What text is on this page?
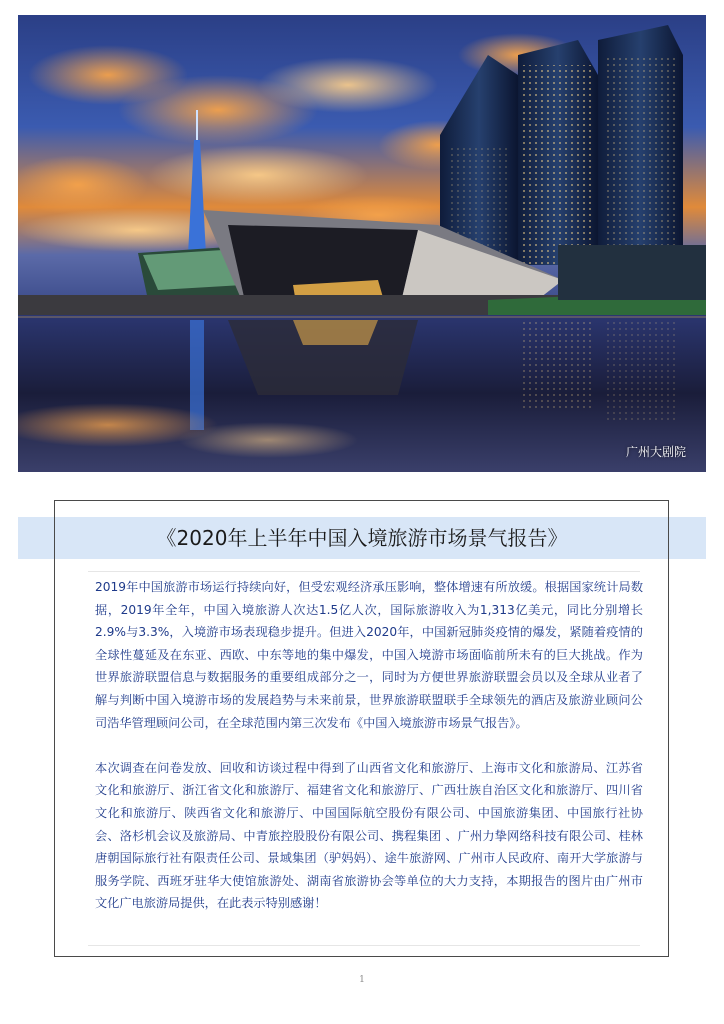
广州大剧院
《2020年上半年中国入境旅游市场景气报告》

2019年中国旅游市场运行持续向好，但受宏观经济承压影响，整体增速有所放缓。根据国家统计局数据，2019年全年，中国入境旅游人次达1.5亿人次，国际旅游收入为1,313亿美元，同比分别增长2.9%与3.3%，入境游市场表现稳步提升。但进入2020年，中国新冠肺炎疫情的爆发，紧随着疫情的全球性蔓延及在东亚、西欧、中东等地的集中爆发，中国入境游市场面临前所未有的巨大挑战。作为世界旅游联盟信息与数据服务的重要组成部分之一，同时为方便世界旅游联盟会员以及全球从业者了解与判断中国入境游市场的发展趋势与未来前景，世界旅游联盟联手全球领先的酒店及旅游业顾问公司浩华管理顾问公司，在全球范围内第三次发布《中国入境旅游市场景气报告》。

本次调查在问卷发放、回收和访谈过程中得到了山西省文化和旅游厅、上海市文化和旅游局、江苏省文化和旅游厅、浙江省文化和旅游厅、福建省文化和旅游厅、广西壮族自治区文化和旅游厅、四川省文化和旅游厅、陕西省文化和旅游厅、中国国际航空股份有限公司、中国旅游集团、中国旅行社协会、洛杉机会议及旅游局、中青旅控股股份有限公司、携程集团 、广州力挚网络科技有限公司、桂林唐朝国际旅行社有限责任公司、景域集团（驴妈妈）、途牛旅游网、广州市人民政府、南开大学旅游与服务学院、西班牙驻华大使馆旅游处、湖南省旅游协会等单位的大力支持，本期报告的图片由广州市文化广电旅游局提供，在此表示特别感谢！

1
